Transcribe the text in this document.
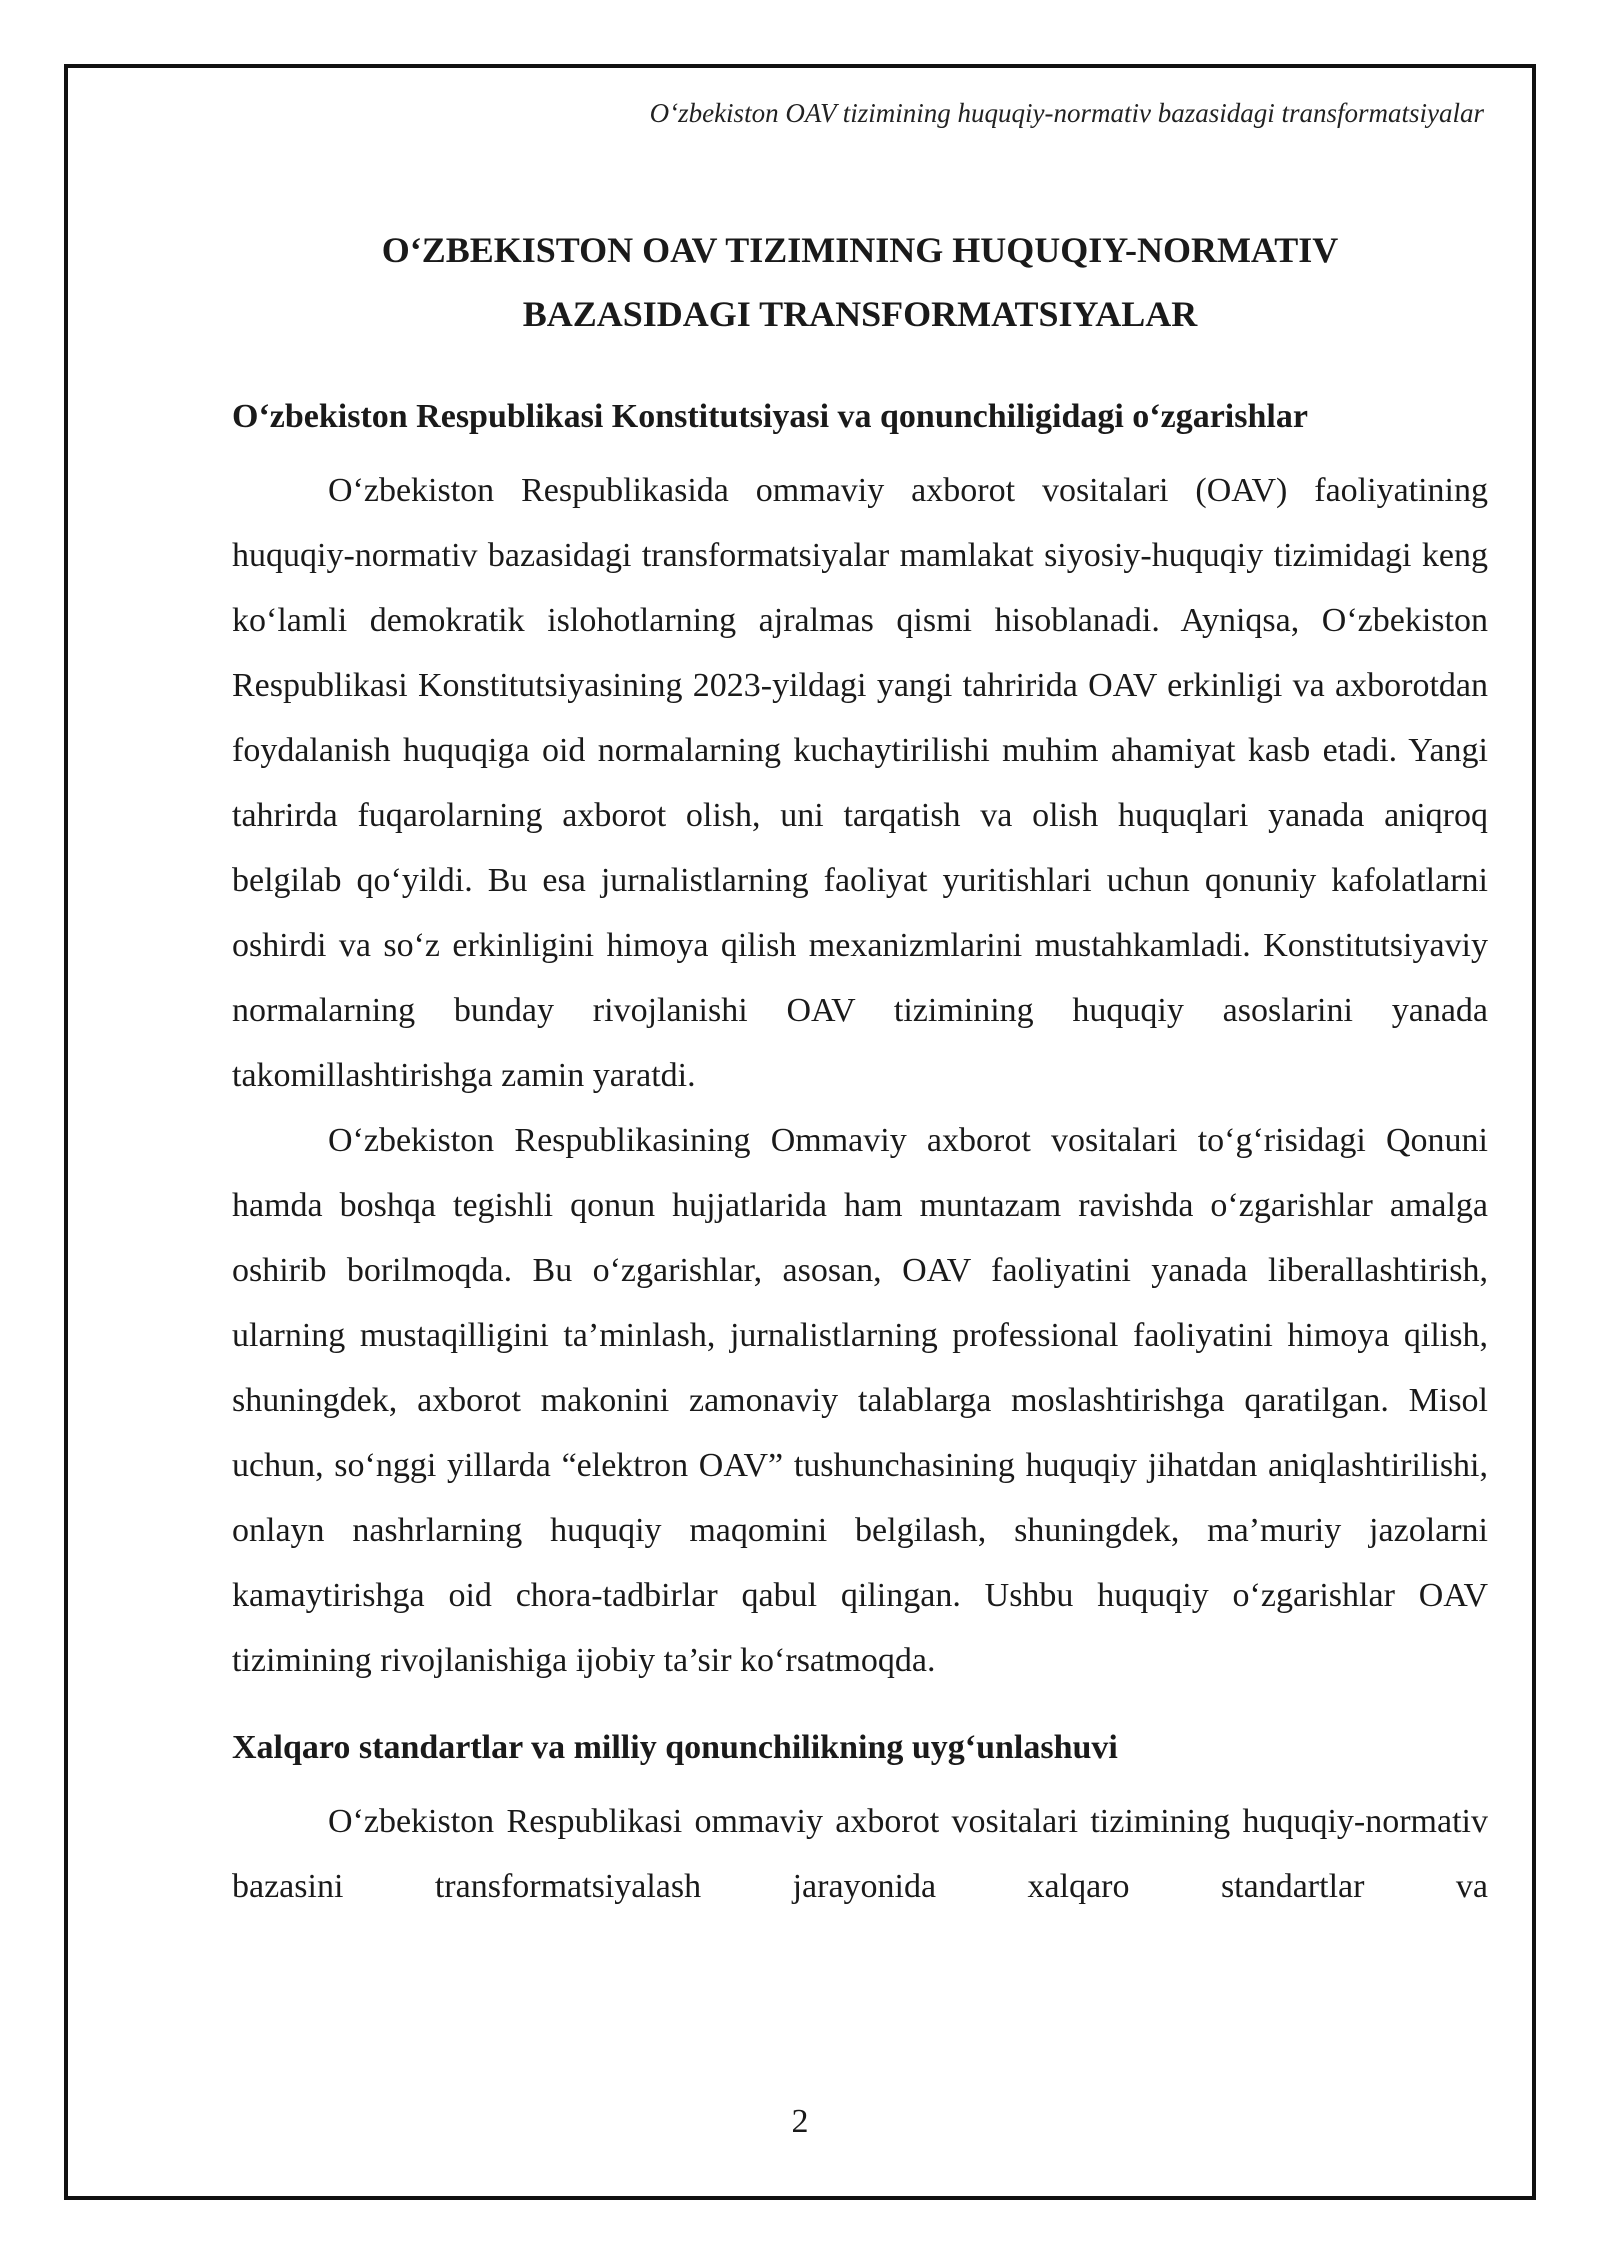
O‘zbekiston OAV tizimining huquqiy-normativ bazasidagi transformatsiyalar
O‘ZBEKISTON OAV TIZIMINING HUQUQIY-NORMATIV
BAZASIDAGI TRANSFORMATSIYALAR
O‘zbekiston Respublikasi Konstitutsiyasi va qonunchiligidagi o‘zgarishlar

O‘zbekiston Respublikasida ommaviy axborot vositalari (OAV) faoliyatining huquqiy-normativ bazasidagi transformatsiyalar mamlakat siyosiy-huquqiy tizimidagi keng ko‘lamli demokratik islohotlarning ajralmas qismi hisoblanadi. Ayniqsa, O‘zbekiston Respublikasi Konstitutsiyasining 2023-yildagi yangi tahririda OAV erkinligi va axborotdan foydalanish huquqiga oid normalarning kuchaytirilishi muhim ahamiyat kasb etadi. Yangi tahrirda fuqarolarning axborot olish, uni tarqatish va olish huquqlari yanada aniqroq belgilab qo‘yildi. Bu esa jurnalistlarning faoliyat yuritishlari uchun qonuniy kafolatlarni oshirdi va so‘z erkinligini himoya qilish mexanizmlarini mustahkamladi. Konstitutsiyaviy normalarning bunday rivojlanishi OAV tizimining huquqiy asoslarini yanada takomillashtirishga zamin yaratdi.

O‘zbekiston Respublikasining Ommaviy axborot vositalari to‘g‘risidagi Qonuni hamda boshqa tegishli qonun hujjatlarida ham muntazam ravishda o‘zgarishlar amalga oshirib borilmoqda. Bu o‘zgarishlar, asosan, OAV faoliyatini yanada liberallashtirish, ularning mustaqilligini ta’minlash, jurnalistlarning professional faoliyatini himoya qilish, shuningdek, axborot makonini zamonaviy talablarga moslashtirishga qaratilgan. Misol uchun, so‘nggi yillarda “elektron OAV” tushunchasining huquqiy jihatdan aniqlashtirilishi, onlayn nashrlarning huquqiy maqomini belgilash, shuningdek, ma’muriy jazolarni kamaytirishga oid chora-tadbirlar qabul qilingan. Ushbu huquqiy o‘zgarishlar OAV tizimining rivojlanishiga ijobiy ta’sir ko‘rsatmoqda.

Xalqaro standartlar va milliy qonunchilikning uyg‘unlashuvi

O‘zbekiston Respublikasi ommaviy axborot vositalari tizimining huquqiy-normativ bazasini transformatsiyalash jarayonida xalqaro standartlar va

2
